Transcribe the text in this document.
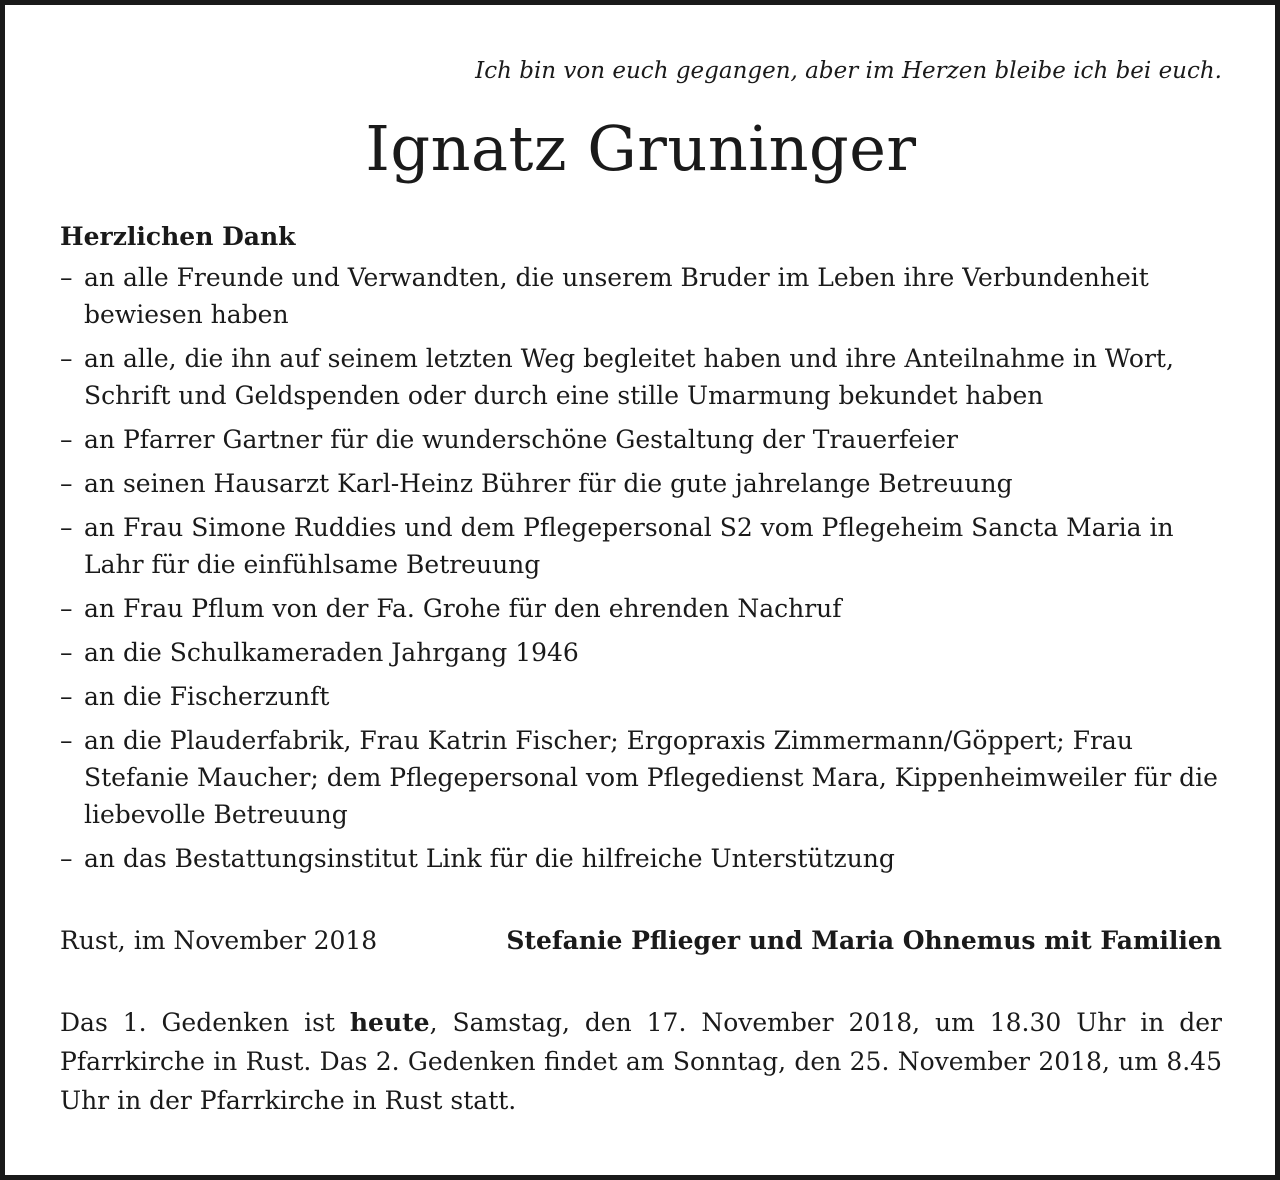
Ich bin von euch gegangen, aber im Herzen bleibe ich bei euch.

Ignatz Gruninger
Herzlichen Dank
– an alle Freunde und Verwandten, die unserem Bruder im Leben ihre Verbundenheit bewiesen haben
– an alle, die ihn auf seinem letzten Weg begleitet haben und ihre Anteilnahme in Wort, Schrift und Geldspenden oder durch eine stille Umarmung bekundet haben
– an Pfarrer Gartner für die wunderschöne Gestaltung der Trauerfeier
– an seinen Hausarzt Karl-Heinz Bührer für die gute jahrelange Betreuung
– an Frau Simone Ruddies und dem Pflegepersonal S2 vom Pflegeheim Sancta Maria in Lahr für die einfühlsame Betreuung
– an Frau Pflum von der Fa. Grohe für den ehrenden Nachruf
– an die Schulkameraden Jahrgang 1946
– an die Fischerzunft
– an die Plauderfabrik, Frau Katrin Fischer; Ergopraxis Zimmermann/Göppert; Frau Stefanie Maucher; dem Pflegepersonal vom Pflegedienst Mara, Kippenheimweiler für die liebevolle Betreuung
– an das Bestattungsinstitut Link für die hilfreiche Unterstützung
Rust, im November 2018	Stefanie Pflieger und Maria Ohnemus mit Familien
Das 1. Gedenken ist heute, Samstag, den 17. November 2018, um 18.30 Uhr in der Pfarrkirche in Rust. Das 2. Gedenken findet am Sonntag, den 25. November 2018, um 8.45 Uhr in der Pfarrkirche in Rust statt.
